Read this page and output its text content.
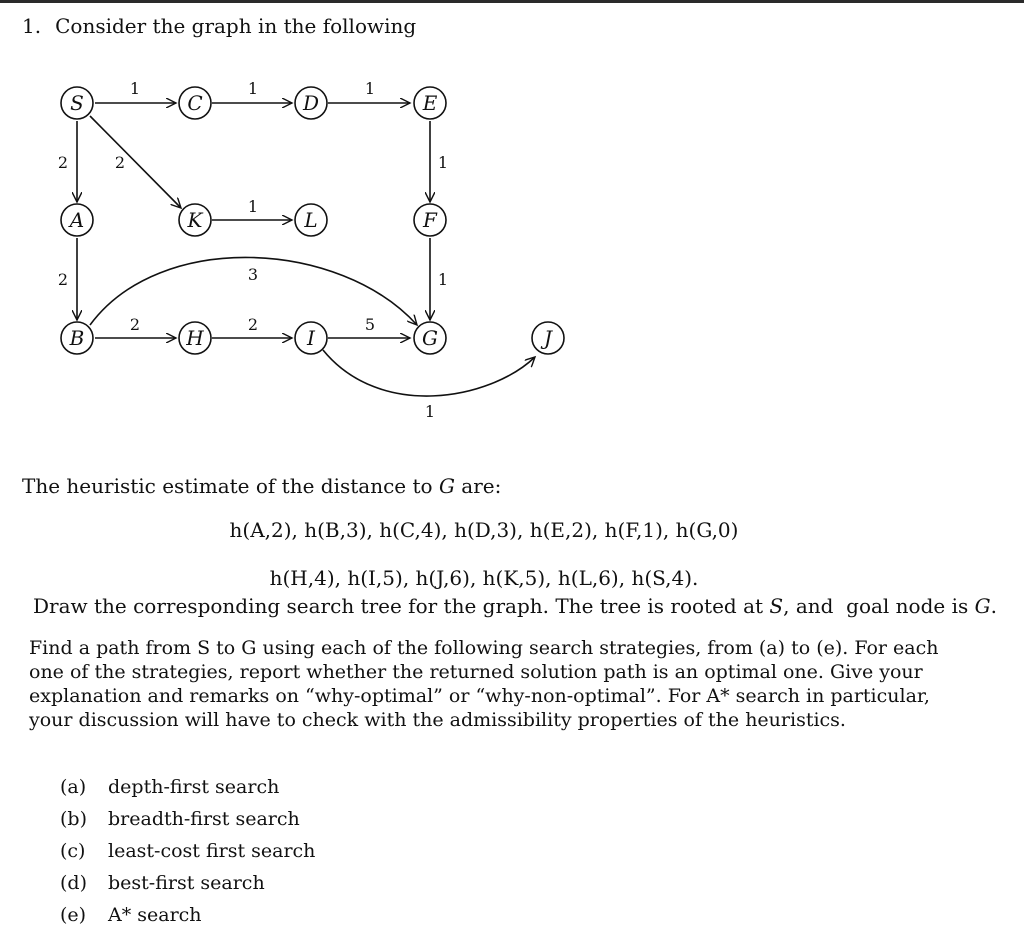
1. Consider the graph in the following
S	C	D	E
A	K	L	F
B	H	I	G	J
1	1	1
2	2	1
1
2	3	1
2	2	5
1
The heuristic estimate of the distance to G are:
h(A,2), h(B,3), h(C,4), h(D,3), h(E,2), h(F,1), h(G,0)
h(H,4), h(I,5), h(J,6), h(K,5), h(L,6), h(S,4).
Draw the corresponding search tree for the graph. The tree is rooted at S, and  goal node is G.

Find a path from S to G using each of the following search strategies, from (a) to (e). For each

one of the strategies, report whether the returned solution path is an optimal one. Give your

explanation and remarks on “why-optimal” or “why-non-optimal”. For A* search in particular,

your discussion will have to check with the admissibility properties of the heuristics.

(a)	depth-first search
(b)	breadth-first search
(c)	least-cost first search
(d)	best-first search
(e)	A* search
